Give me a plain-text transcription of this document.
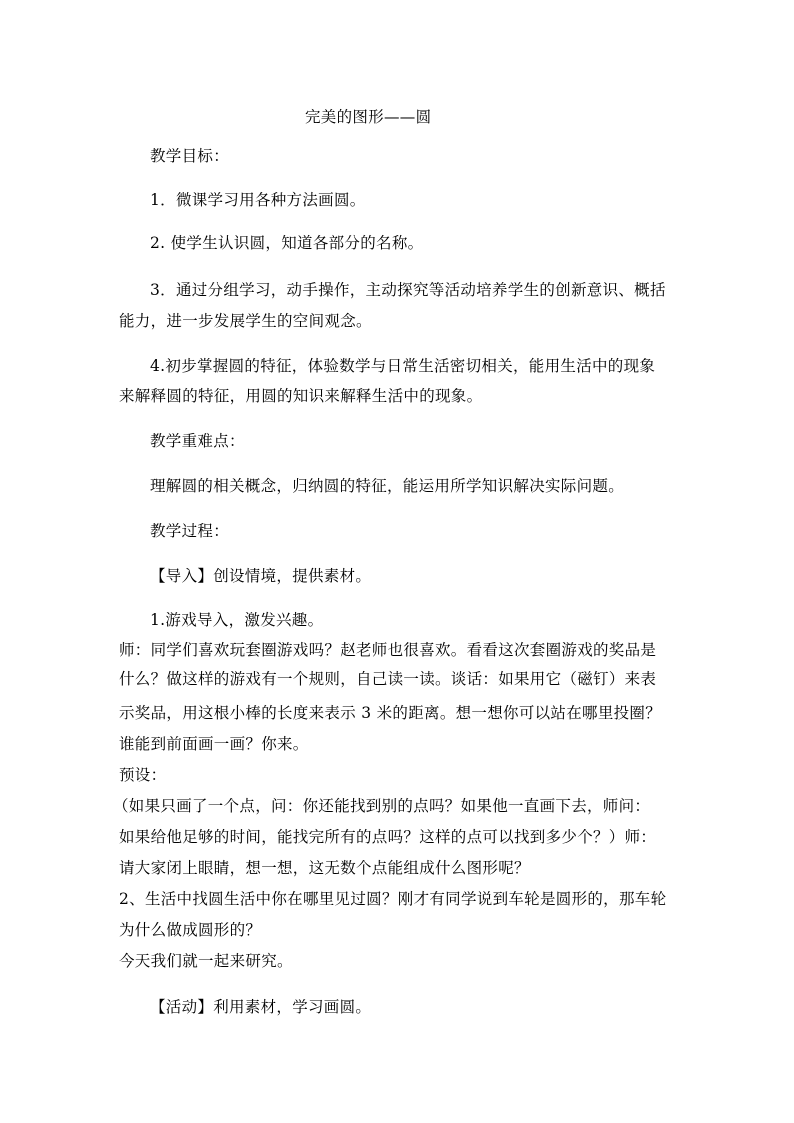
完美的图形——圆
教学目标：
1．微课学习用各种方法画圆。
2. 使学生认识圆，知道各部分的名称。
3．通过分组学习，动手操作，主动探究等活动培养学生的创新意识、概括
能力，进一步发展学生的空间观念。
4.初步掌握圆的特征，体验数学与日常生活密切相关，能用生活中的现象
来解释圆的特征，用圆的知识来解释生活中的现象。
教学重难点：
理解圆的相关概念，归纳圆的特征，能运用所学知识解决实际问题。
教学过程：
【导入】创设情境，提供素材。
1.游戏导入，激发兴趣。
师：同学们喜欢玩套圈游戏吗？赵老师也很喜欢。看看这次套圈游戏的奖品是
什么？做这样的游戏有一个规则，自己读一读。谈话：如果用它（磁钉）来表
示奖品，用这根小棒的长度来表示 3 米的距离。想一想你可以站在哪里投圈？
谁能到前面画一画？你来。
预设：
（如果只画了一个点，问：你还能找到别的点吗？如果他一直画下去，师问：
如果给他足够的时间，能找完所有的点吗？这样的点可以找到多少个？）师：
请大家闭上眼睛，想一想，这无数个点能组成什么图形呢？
2、生活中找圆生活中你在哪里见过圆？刚才有同学说到车轮是圆形的，那车轮
为什么做成圆形的？
今天我们就一起来研究。
【活动】利用素材，学习画圆。
